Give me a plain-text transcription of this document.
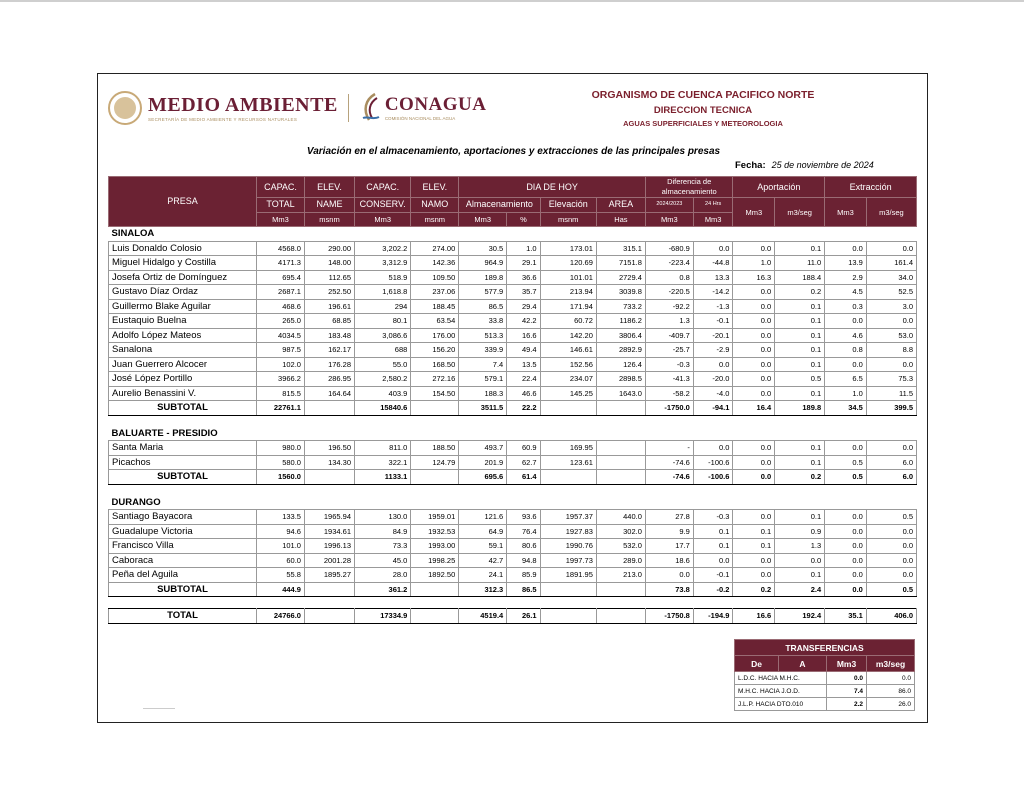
MEDIO AMBIENTE
SECRETARÍA DE MEDIO AMBIENTE Y RECURSOS NATURALES
CONAGUA
COMISIÓN NACIONAL DEL AGUA
ORGANISMO DE CUENCA PACIFICO NORTE
DIRECCION TECNICA
AGUAS SUPERFICIALES Y METEOROLOGIA
Variación en el almacenamiento, aportaciones y extracciones de las principales presas
Fecha: 25 de noviembre de 2024
PRESA	CAPAC.	ELEV.	CAPAC.	ELEV.	DIA DE HOY				Diferencia de almacenamiento		Aportación		Extracción	
	TOTAL	NAME	CONSERV.	NAMO	Almacenamiento		Elevación	AREA	2024/2023	24 Hrs	Mm3	m3/seg	Mm3	m3/seg
	Mm3	msnm	Mm3	msnm	Mm3	%	msnm	Has	Mm3	Mm3				
SINALOA														
Luis Donaldo Colosio	4568.0	290.00	3,202.2	274.00	30.5	1.0	173.01	315.1	-680.9	0.0	0.0	0.1	0.0	0.0
Miguel Hidalgo y Costilla	4171.3	148.00	3,312.9	142.36	964.9	29.1	120.69	7151.8	-223.4	-44.8	1.0	11.0	13.9	161.4
Josefa Ortiz de Domínguez	695.4	112.65	518.9	109.50	189.8	36.6	101.01	2729.4	0.8	13.3	16.3	188.4	2.9	34.0
Gustavo Díaz Ordaz	2687.1	252.50	1,618.8	237.06	577.9	35.7	213.94	3039.8	-220.5	-14.2	0.0	0.2	4.5	52.5
Guillermo Blake Aguilar	468.6	196.61	294	188.45	86.5	29.4	171.94	733.2	-92.2	-1.3	0.0	0.1	0.3	3.0
Eustaquio Buelna	265.0	68.85	80.1	63.54	33.8	42.2	60.72	1186.2	1.3	-0.1	0.0	0.1	0.0	0.0
Adolfo López Mateos	4034.5	183.48	3,086.6	176.00	513.3	16.6	142.20	3806.4	-409.7	-20.1	0.0	0.1	4.6	53.0
Sanalona	987.5	162.17	688	156.20	339.9	49.4	146.61	2892.9	-25.7	-2.9	0.0	0.1	0.8	8.8
Juan Guerrero Alcocer	102.0	176.28	55.0	168.50	7.4	13.5	152.56	126.4	-0.3	0.0	0.0	0.1	0.0	0.0
José López Portillo	3966.2	286.95	2,580.2	272.16	579.1	22.4	234.07	2898.5	-41.3	-20.0	0.0	0.5	6.5	75.3
Aurelio Benassini V.	815.5	164.64	403.9	154.50	188.3	46.6	145.25	1643.0	-58.2	-4.0	0.0	0.1	1.0	11.5
SUBTOTAL	22761.1		15840.6		3511.5	22.2			-1750.0	-94.1	16.4	189.8	34.5	399.5

BALUARTE - PRESIDIO														
Santa Maria	980.0	196.50	811.0	188.50	493.7	60.9	169.95		-	0.0	0.0	0.1	0.0	0.0
Picachos	580.0	134.30	322.1	124.79	201.9	62.7	123.61		-74.6	-100.6	0.0	0.1	0.5	6.0
SUBTOTAL	1560.0		1133.1		695.6	61.4			-74.6	-100.6	0.0	0.2	0.5	6.0

DURANGO														
Santiago Bayacora	133.5	1965.94	130.0	1959.01	121.6	93.6	1957.37	440.0	27.8	-0.3	0.0	0.1	0.0	0.5
Guadalupe Victoria	94.6	1934.61	84.9	1932.53	64.9	76.4	1927.83	302.0	9.9	0.1	0.1	0.9	0.0	0.0
Francisco Villa	101.0	1996.13	73.3	1993.00	59.1	80.6	1990.76	532.0	17.7	0.1	0.1	1.3	0.0	0.0
Caboraca	60.0	2001.28	45.0	1998.25	42.7	94.8	1997.73	289.0	18.6	0.0	0.0	0.0	0.0	0.0
Peña del Aguila	55.8	1895.27	28.0	1892.50	24.1	85.9	1891.95	213.0	0.0	-0.1	0.0	0.1	0.0	0.0
SUBTOTAL	444.9		361.2		312.3	86.5			73.8	-0.2	0.2	2.4	0.0	0.5

TOTAL	24766.0		17334.9		4519.4	26.1			-1750.8	-194.9	16.6	192.4	35.1	406.0
TRANSFERENCIAS			
De	A	Mm3	m3/seg
L.D.C. HACIA M.H.C.		0.0	0.0
M.H.C. HACIA J.O.D.		7.4	86.0
J.L.P. HACIA DTO.010		2.2	26.0
